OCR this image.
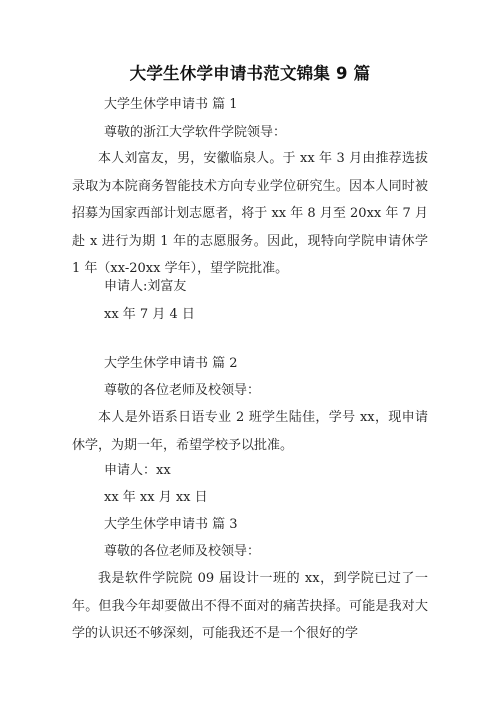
大学生休学申请书范文锦集 9 篇
大学生休学申请书 篇 1
尊敬的浙江大学软件学院领导：
本人刘富友，男，安徽临泉人。于 xx 年 3 月由推荐选拔录取为本院商务智能技术方向专业学位研究生。因本人同时被招募为国家西部计划志愿者，将于 xx 年 8 月至 20xx 年 7 月赴 x 进行为期 1 年的志愿服务。因此，现特向学院申请休学 1 年（xx-20xx 学年），望学院批准。
申请人:刘富友
xx 年 7 月 4 日
大学生休学申请书 篇 2
尊敬的各位老师及校领导：
本人是外语系日语专业 2 班学生陆佳，学号 xx，现申请休学，为期一年，希望学校予以批准。
申请人：xx
xx 年 xx 月 xx 日
大学生休学申请书 篇 3
尊敬的各位老师及校领导：
我是软件学院院 09 届设计一班的 xx，到学院已过了一年。但我今年却要做出不得不面对的痛苦抉择。可能是我对大学的认识还不够深刻，可能我还不是一个很好的学
